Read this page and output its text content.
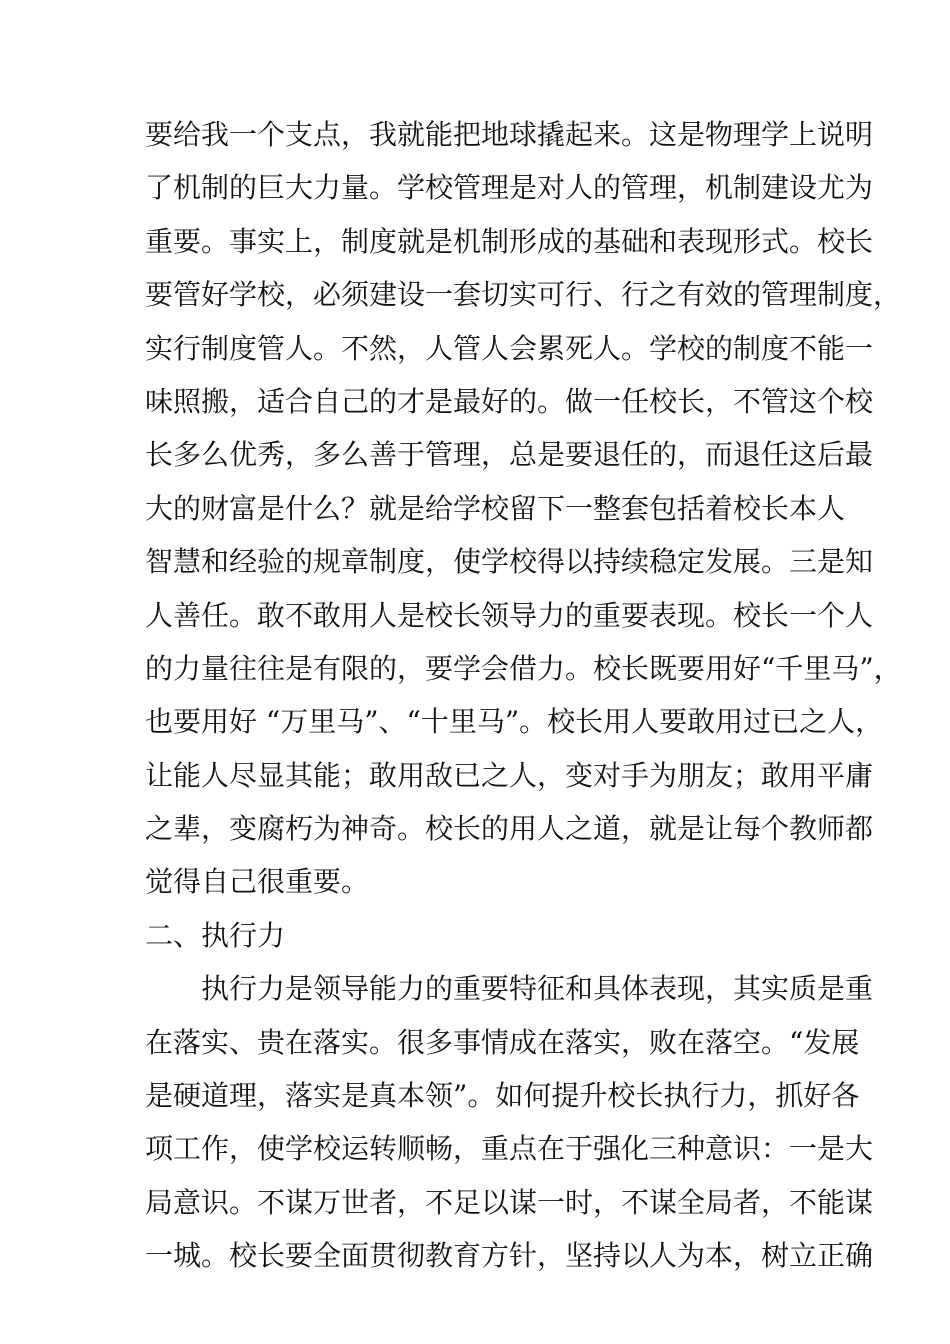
要给我一个支点，我就能把地球撬起来。这是物理学上说明
了机制的巨大力量。学校管理是对人的管理，机制建设尤为
重要。事实上，制度就是机制形成的基础和表现形式。校长
要管好学校，必须建设一套切实可行、行之有效的管理制度，
实行制度管人。不然，人管人会累死人。学校的制度不能一
味照搬，适合自己的才是最好的。做一任校长，不管这个校
长多么优秀，多么善于管理，总是要退任的，而退任这后最
大的财富是什么？就是给学校留下一整套包括着校长本人
智慧和经验的规章制度，使学校得以持续稳定发展。三是知
人善任。敢不敢用人是校长领导力的重要表现。校长一个人
的力量往往是有限的，要学会借力。校长既要用好“千里马”，
也要用好 “万里马”、“十里马”。校长用人要敢用过已之人，
让能人尽显其能；敢用敌已之人，变对手为朋友；敢用平庸
之辈，变腐朽为神奇。校长的用人之道，就是让每个教师都
觉得自己很重要。
二、执行力
执行力是领导能力的重要特征和具体表现，其实质是重
在落实、贵在落实。很多事情成在落实，败在落空。“发展
是硬道理，落实是真本领”。如何提升校长执行力，抓好各
项工作，使学校运转顺畅，重点在于强化三种意识：一是大
局意识。不谋万世者，不足以谋一时，不谋全局者，不能谋
一城。校长要全面贯彻教育方针，坚持以人为本，树立正确
